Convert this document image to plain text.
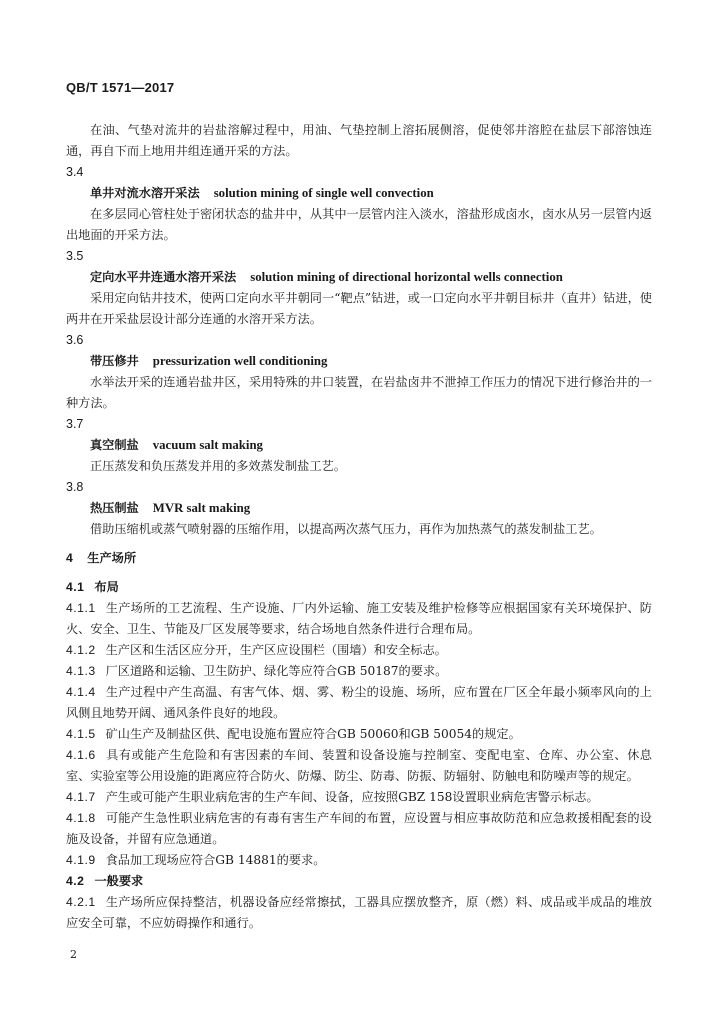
QB/T 1571—2017
在油、气垫对流井的岩盐溶解过程中，用油、气垫控制上溶拓展侧溶，促使邻井溶腔在盐层下部溶蚀连通，再自下而上地用井组连通开采的方法。
3.4
单井对流水溶开采法 solution mining of single well convection
在多层同心管柱处于密闭状态的盐井中，从其中一层管内注入淡水，溶盐形成卤水，卤水从另一层管内返出地面的开采方法。
3.5
定向水平井连通水溶开采法 solution mining of directional horizontal wells connection
采用定向钻井技术，使两口定向水平井朝同一“靶点”钻进，或一口定向水平井朝目标井（直井）钻进，使两井在开采盐层设计部分连通的水溶开采方法。
3.6
带压修井 pressurization well conditioning
水举法开采的连通岩盐井区，采用特殊的井口装置，在岩盐卤井不泄掉工作压力的情况下进行修治井的一种方法。
3.7
真空制盐 vacuum salt making
正压蒸发和负压蒸发并用的多效蒸发制盐工艺。
3.8
热压制盐 MVR salt making
借助压缩机或蒸气喷射器的压缩作用，以提高两次蒸气压力，再作为加热蒸气的蒸发制盐工艺。
4 生产场所
4.1 布局
4.1.1 生产场所的工艺流程、生产设施、厂内外运输、施工安装及维护检修等应根据国家有关环境保护、防火、安全、卫生、节能及厂区发展等要求，结合场地自然条件进行合理布局。
4.1.2 生产区和生活区应分开，生产区应设围栏（围墙）和安全标志。
4.1.3 厂区道路和运输、卫生防护、绿化等应符合GB 50187的要求。
4.1.4 生产过程中产生高温、有害气体、烟、雾、粉尘的设施、场所，应布置在厂区全年最小频率风向的上风侧且地势开阔、通风条件良好的地段。
4.1.5 矿山生产及制盐区供、配电设施布置应符合GB 50060和GB 50054的规定。
4.1.6 具有或能产生危险和有害因素的车间、装置和设备设施与控制室、变配电室、仓库、办公室、休息室、实验室等公用设施的距离应符合防火、防爆、防尘、防毒、防振、防辐射、防触电和防噪声等的规定。
4.1.7 产生或可能产生职业病危害的生产车间、设备，应按照GBZ 158设置职业病危害警示标志。
4.1.8 可能产生急性职业病危害的有毒有害生产车间的布置，应设置与相应事故防范和应急救援相配套的设施及设备，并留有应急通道。
4.1.9 食品加工现场应符合GB 14881的要求。
4.2 一般要求
4.2.1 生产场所应保持整洁，机器设备应经常擦拭，工器具应摆放整齐，原（燃）料、成品或半成品的堆放应安全可靠，不应妨碍操作和通行。
2
